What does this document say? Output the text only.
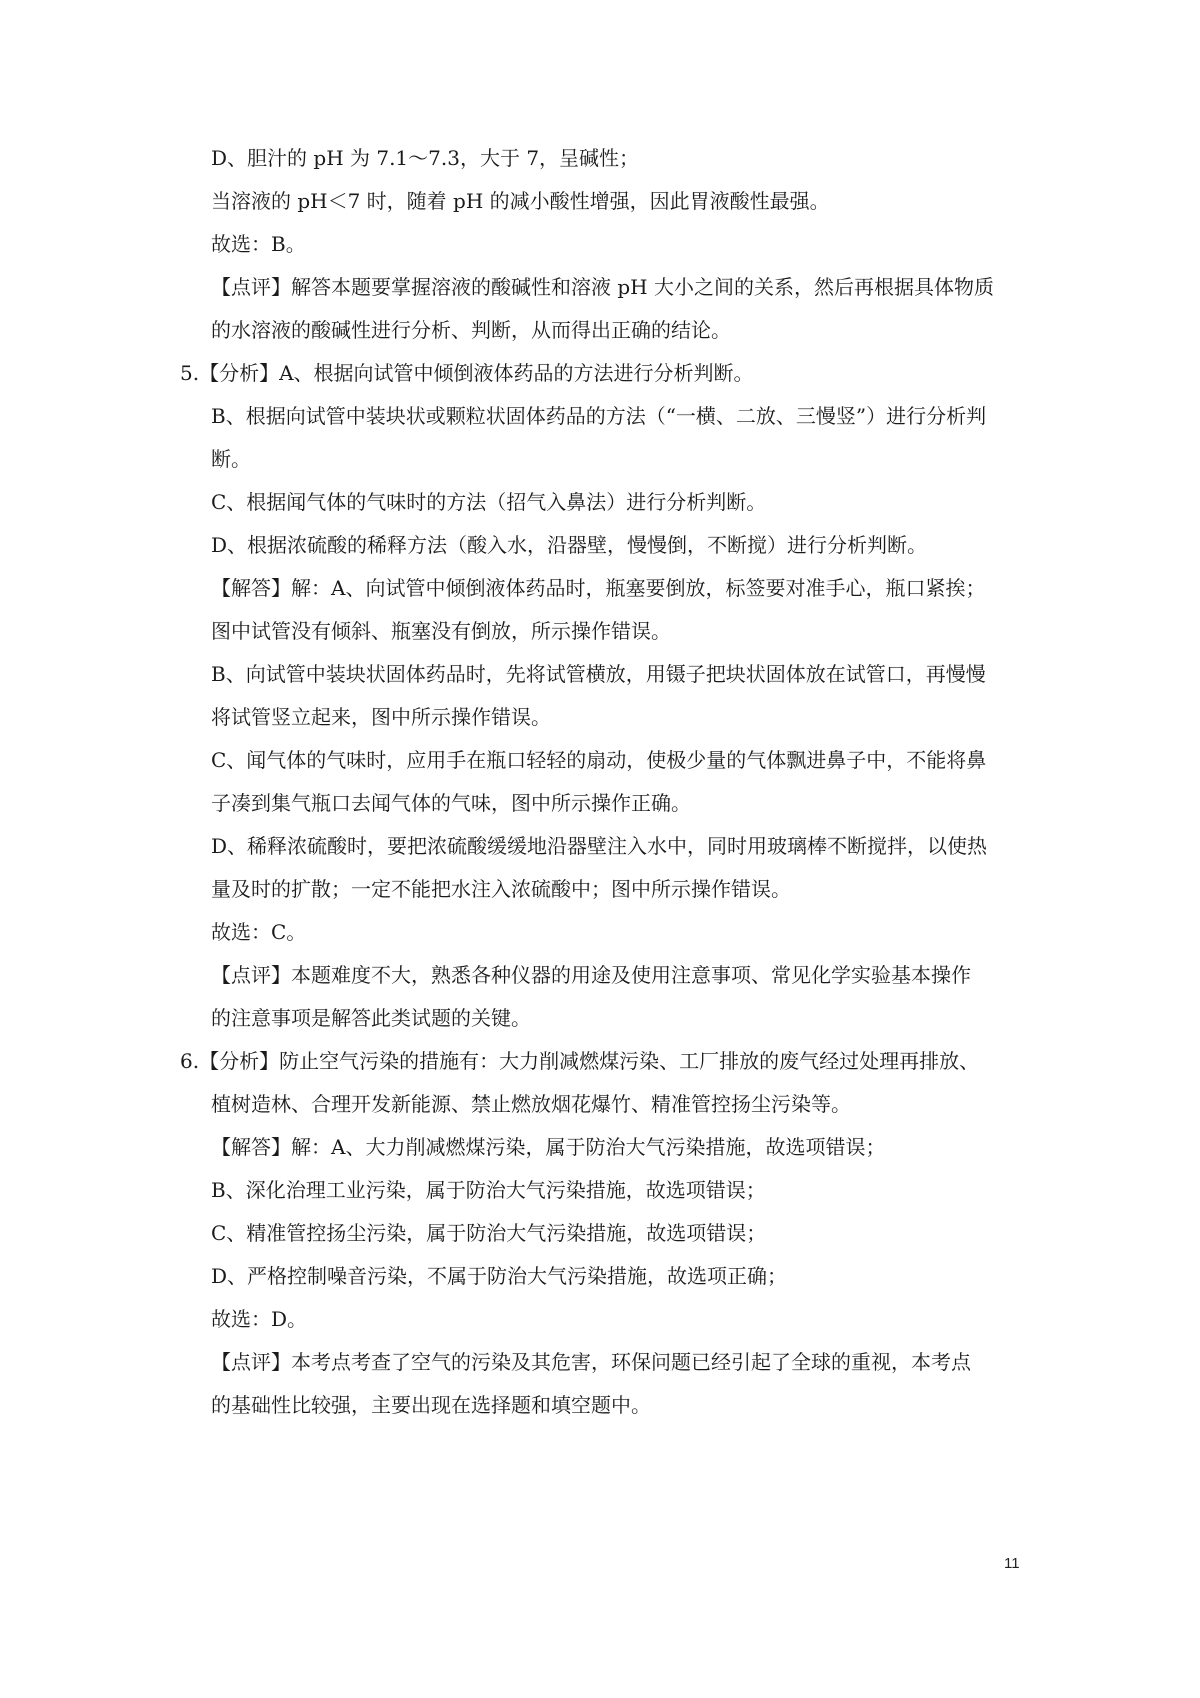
D、胆汁的 pH 为 7.1～7.3，大于 7，呈碱性；
当溶液的 pH＜7 时，随着 pH 的减小酸性增强，因此胃液酸性最强。
故选：B。
【点评】解答本题要掌握溶液的酸碱性和溶液 pH 大小之间的关系，然后再根据具体物质
的水溶液的酸碱性进行分析、判断，从而得出正确的结论。
5.【分析】A、根据向试管中倾倒液体药品的方法进行分析判断。
B、根据向试管中装块状或颗粒状固体药品的方法（“一横、二放、三慢竖”）进行分析判
断。
C、根据闻气体的气味时的方法（招气入鼻法）进行分析判断。
D、根据浓硫酸的稀释方法（酸入水，沿器壁，慢慢倒，不断搅）进行分析判断。
【解答】解：A、向试管中倾倒液体药品时，瓶塞要倒放，标签要对准手心，瓶口紧挨；
图中试管没有倾斜、瓶塞没有倒放，所示操作错误。
B、向试管中装块状固体药品时，先将试管横放，用镊子把块状固体放在试管口，再慢慢
将试管竖立起来，图中所示操作错误。
C、闻气体的气味时，应用手在瓶口轻轻的扇动，使极少量的气体飘进鼻子中，不能将鼻
子凑到集气瓶口去闻气体的气味，图中所示操作正确。
D、稀释浓硫酸时，要把浓硫酸缓缓地沿器壁注入水中，同时用玻璃棒不断搅拌，以使热
量及时的扩散；一定不能把水注入浓硫酸中；图中所示操作错误。
故选：C。
【点评】本题难度不大，熟悉各种仪器的用途及使用注意事项、常见化学实验基本操作
的注意事项是解答此类试题的关键。
6.【分析】防止空气污染的措施有：大力削减燃煤污染、工厂排放的废气经过处理再排放、
植树造林、合理开发新能源、禁止燃放烟花爆竹、精准管控扬尘污染等。
【解答】解：A、大力削减燃煤污染，属于防治大气污染措施，故选项错误；
B、深化治理工业污染，属于防治大气污染措施，故选项错误；
C、精准管控扬尘污染，属于防治大气污染措施，故选项错误；
D、严格控制噪音污染，不属于防治大气污染措施，故选项正确；
故选：D。
【点评】本考点考查了空气的污染及其危害，环保问题已经引起了全球的重视，本考点
的基础性比较强，主要出现在选择题和填空题中。
11
